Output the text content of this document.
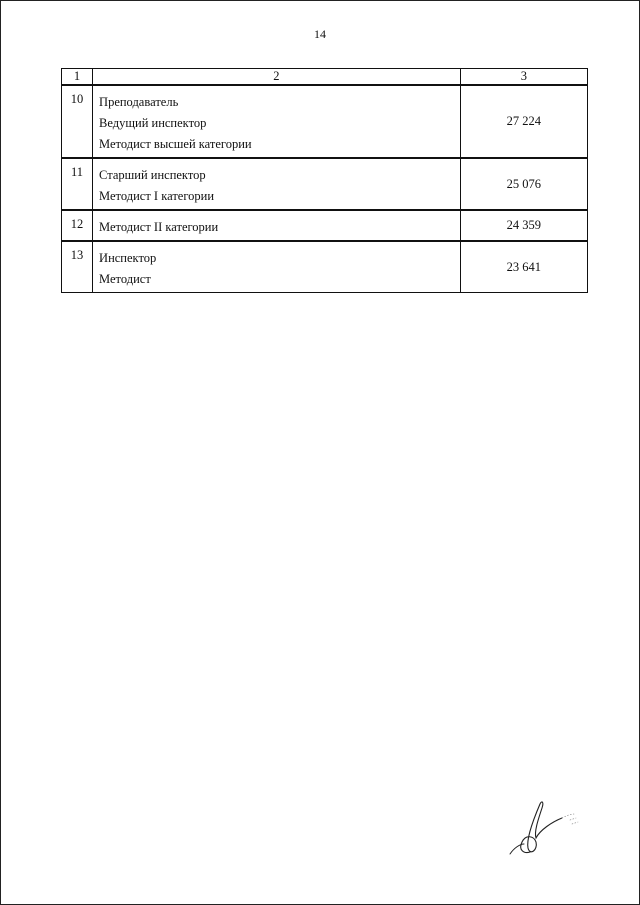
14
1	2	3
10	Преподаватель
Ведущий инспектор
Методист высшей категории	27 224
11	Старший инспектор
Методист I категории	25 076
12	Методист II категории	24 359
13	Инспектор
Методист	23 641
